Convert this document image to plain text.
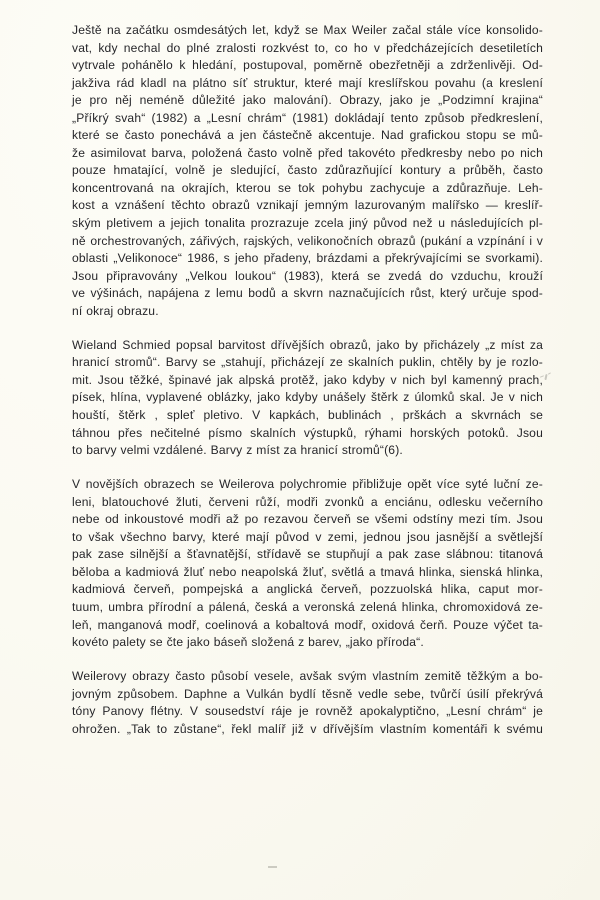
Ještě na začátku osmdesátých let, když se Max Weiler začal stále více konsolido-
vat, kdy nechal do plné zralosti rozkvést to, co ho v předcházejících desetiletích
vytrvale pohánělo k hledání, postupoval, poměrně obezřetněji a zdrženlivěji. Od-
jakživa rád kladl na plátno síť struktur, které mají kreslířskou povahu (a kreslení
je pro něj neméně důležité jako malování). Obrazy, jako je „Podzimní krajina“
„Příkrý svah“ (1982) a „Lesní chrám“ (1981) dokládají tento způsob předkreslení,
které se často ponechává a jen částečně akcentuje. Nad grafickou stopu se mů-
že asimilovat barva, položená často volně před takovéto předkresby nebo po nich
pouze hmatající, volně je sledující, často zdůrazňující kontury a průběh, často
koncentrovaná na okrajích, kterou se tok pohybu zachycuje a zdůrazňuje. Leh-
kost a vznášení těchto obrazů vznikají jemným lazurovaným malířsko — kreslíř-
ským pletivem a jejich tonalita prozrazuje zcela jiný původ než u následujících pl-
ně orchestrovaných, zářivých, rajských, velikonočních obrazů (pukání a vzpínání i v
oblasti „Velikonoce“ 1986, s jeho přadeny, brázdami a překrývajícími se svorkami).
Jsou připravovány „Velkou loukou“ (1983), která se zvedá do vzduchu, krouží
ve výšinách, napájena z lemu bodů a skvrn naznačujících růst, který určuje spod-
ní okraj obrazu.
Wieland Schmied popsal barvitost dřívějších obrazů, jako by přicházely „z míst za
hranicí stromů“. Barvy se „stahují, přicházejí ze skalních puklin, chtěly by je rozlo-
mit. Jsou těžké, špinavé jak alpská protěž, jako kdyby v nich byl kamenný prach,
písek, hlína, vyplavené oblázky, jako kdyby unášely štěrk z úlomků skal. Je v nich
houští, štěrk , spleť pletivo. V kapkách, bublinách , prškách a skvrnách se
táhnou přes nečitelné písmo skalních výstupků, rýhami horských potoků. Jsou
to barvy velmi vzdálené. Barvy z míst za hranicí stromů“(6).
V novějších obrazech se Weilerova polychromie přibližuje opět více syté luční ze-
leni, blatouchové žluti, červeni růží, modři zvonků a enciánu, odlesku večerního
nebe od inkoustové modři až po rezavou červeň se všemi odstíny mezi tím. Jsou
to však všechno barvy, které mají původ v zemi, jednou jsou jasnější a světlejší
pak zase silnější a šťavnatější, střídavě se stupňují a pak zase slábnou: titanová
běloba a kadmiová žluť nebo neapolská žluť, světlá a tmavá hlinka, sienská hlinka,
kadmiová červeň, pompejská a anglická červeň, pozzuolská hlika, caput mor-
tuum, umbra přírodní a pálená, česká a veronská zelená hlinka, chromoxidová ze-
leň, manganová modř, coelinová a kobaltová modř, oxidová čerň. Pouze výčet ta-
kovéto palety se čte jako báseň složená z barev, „jako příroda“.
Weilerovy obrazy často působí vesele, avšak svým vlastním zemitě těžkým a bo-
jovným způsobem. Daphne a Vulkán bydlí těsně vedle sebe, tvůrčí úsilí překrývá
tóny Panovy flétny. V sousedství ráje je rovněž apokalyptično, „Lesní chrám“ je
ohrožen. „Tak to zůstane“, řekl malíř již v dřívějším vlastním komentáři k svému
